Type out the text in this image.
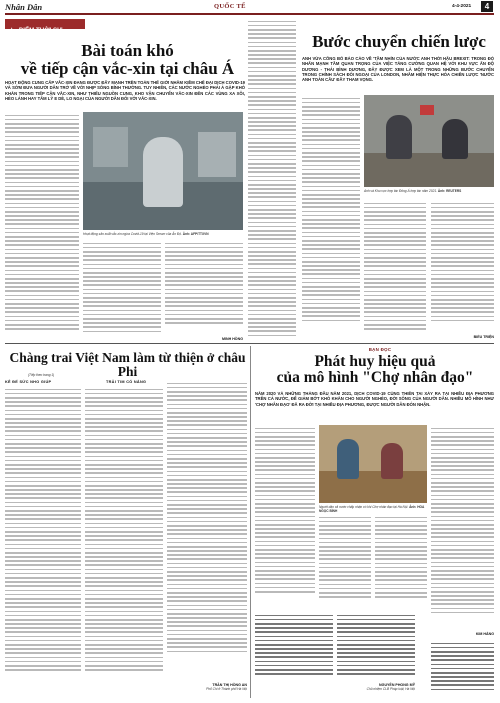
Nhân Dân	QUỐC TẾ	4-4-2021	4
★ ĐIỂM THỜI SỰ
Bài toán khó
về tiếp cận vắc-xin tại châu Á
HOẠT ĐỘNG CUNG CẤP VẮC-XIN ĐANG ĐƯỢC ĐẨY MẠNH TRÊN TOÀN THẾ GIỚI NHẰM KIỀM CHẾ ĐẠI DỊCH COVID-19 VÀ SỚM ĐƯA NGƯỜI DÂN TRỞ VỀ VỚI NHỊP SỐNG BÌNH THƯỜNG. TUY NHIÊN, CÁC NƯỚC NGHÈO PHẢI Ả GẶP KHÓ KHĂN TRONG TIẾP CẬN VẮC-XIN, NHƯ THIẾU NGUỒN CUNG, KHO VẬN CHUYỂN VẮC-XIN ĐẾN CÁC VÙNG XA XÔI, HẺO LÁNH HAY TÂM LÝ E DÈ, LO NGẠI CỦA NGƯỜI DÂN ĐỐI VỚI VẮC-XIN.
Hoạt động sản xuất vắc-xin ngừa Covid-19 tại Viện Serum của Ấn Độ. Ảnh: AFP/TTXVN
MINH HỒNG
Bước chuyển chiến lược
ANH VỪA CÔNG BỐ BÁO CÁO VỀ 'TẦM NHÌN CỦA NƯỚC ANH THỜI HẬU BREXIT: TRONG ĐÓ NHẤN MẠNH TẦM QUAN TRỌNG CỦA VIỆC TĂNG CƯỜNG QUAN HỆ VỚI KHU VỰC ẤN ĐỘ DƯƠNG - THÁI BÌNH DƯƠNG, ĐÂY ĐƯỢC XEM LÀ MỘT TRONG NHỮNG BƯỚC CHUYỂN TRONG CHÍNH SÁCH ĐỐI NGOẠI CỦA LONDON, NHẰM HIỆN THỰC HÓA CHIẾN LƯỢC 'NƯỚC ANH TOÀN CẦU' ĐẦY THAM VỌNG.
Anh và Khu vực hợp tác Đông Á hợp tác năm 2021. Ảnh: REUTERS
BIỂU TRIỆN
Chàng trai Việt Nam làm từ thiện ở châu Phi
(Tiếp theo trang 1)
KẺ ĐẾ SỨC NHO GIÚP	TRẢI TIM CÓ NẮNG
TRẦN THỊ HỒNG AN
Phố Chi ở Thành phố Hà Nội
BẠN ĐỌC
Phát huy hiệu quả
của mô hình "Chợ nhân đạo"
NĂM 2020 VÀ NHỮNG THÁNG ĐẦU NĂM 2021, DỊCH COVID-19 CÙNG THIÊN TAI XẢY RA TẠI NHIỀU ĐỊA PHƯƠNG TRÊN CẢ NƯỚC, ĐỂ GIẢM BỚT KHÓ KHĂN CHO NGƯỜI NGHÈO, ĐỜI SỐNG CỦA NGƯỜI DÂN. NHIỀU MÔ HÌNH NHƯ 'CHỢ NHÂN ĐẠO' ĐÃ RA ĐỜI TẠI NHIỀU ĐỊA PHƯƠNG, ĐƯỢC NGƯỜI DÂN ĐÓN NHẬN.
Người dân cả nước chấp nhận có khi Chợ nhân đạo tại Hà Nội. Ảnh: HOA NGỌC BÌNH
NGUYỄN PHONG MỸ
Chủ nhiệm CLB Pháp luật, Hà Nội
KIM HẰNG
